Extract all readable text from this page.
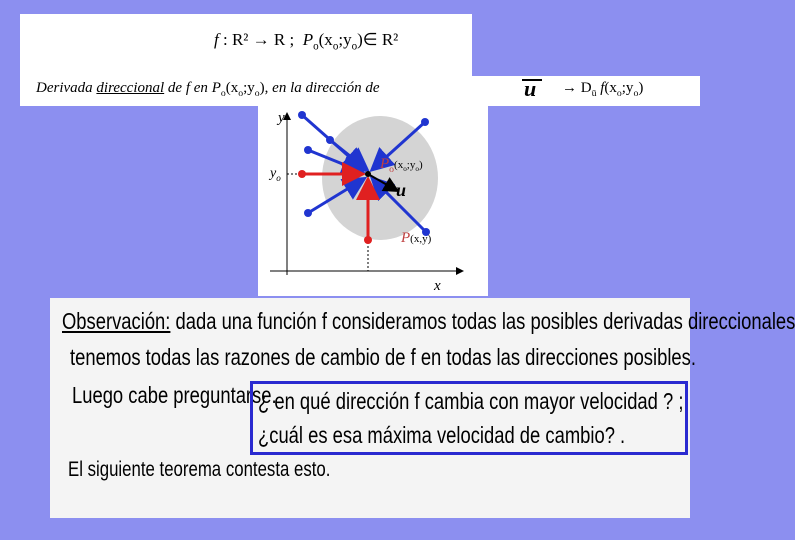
f : R² → R ; $P_o(x_o;y_o)\in$ R²
Derivada direccional de f en $P_o(x_o;y_o)$, en la dirección de	$u \to D_ū$ $f(x_o;y_o)$
y
x
$y_o$
$P_o(x_o;y_o)$
u
P(x,y)
Observación: dada una función f consideramos todas las posibles derivadas direccionales
tenemos todas las razones de cambio de f en todas las direcciones posibles.
Luego cabe preguntarse.
¿ en qué dirección f cambia con mayor velocidad ? ;
¿cuál es esa máxima velocidad de cambio? .
El siguiente teorema contesta esto.
